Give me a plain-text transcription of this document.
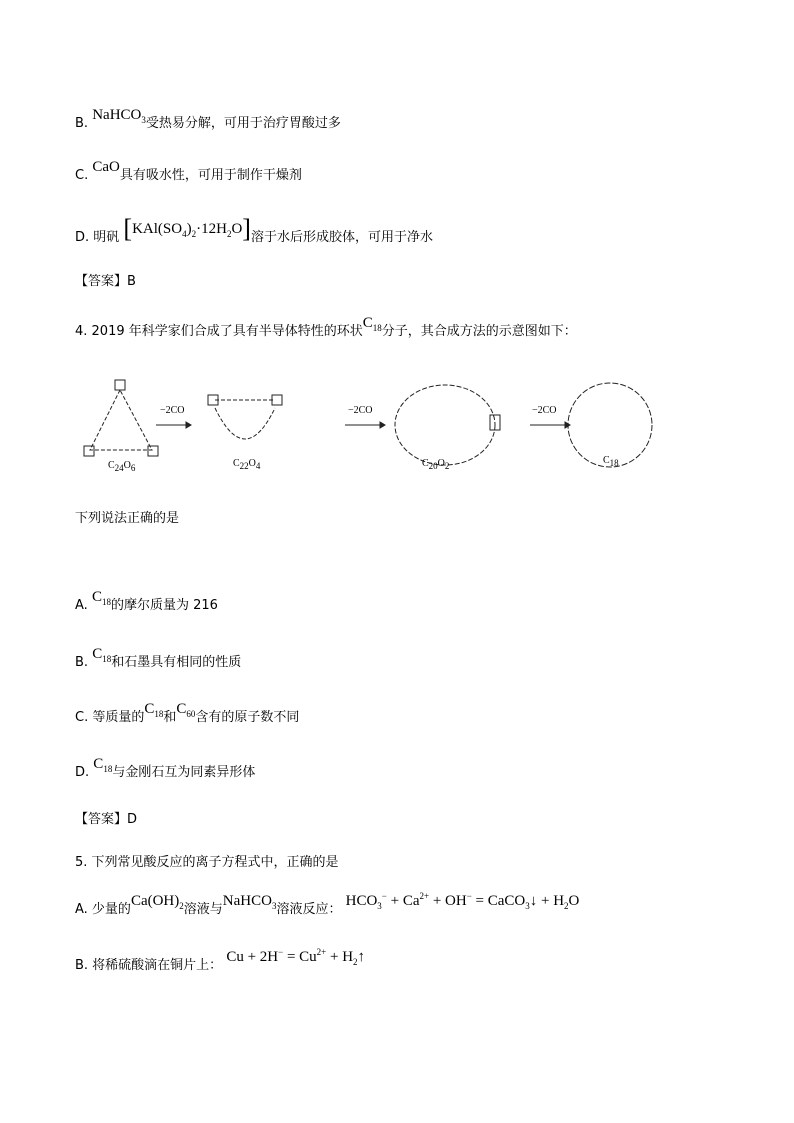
B. NaHCO$_3$受热易分解，可用于治疗胃酸过多
C. CaO具有吸水性，可用于制作干燥剂
D. 明矾 $[KAl(SO_4)_2\cdot 12H_2O]$溶于水后形成胶体，可用于净水
【答案】B
4. 2019 年科学家们合成了具有半导体特性的环状$C_{18}$分子，其合成方法的示意图如下：
−2CO	−2CO	−2CO
$C_{24}O_6$	$C_{22}O_4$	$C_{20}O_2$	$C_{18}$
下列说法正确的是
A. $C_{18}$的摩尔质量为 216
B. $C_{18}$和石墨具有相同的性质
C. 等质量的$C_{18}$和$C_{60}$含有的原子数不同
D. $C_{18}$与金刚石互为同素异形体
【答案】D
5. 下列常见酸反应的离子方程式中，正确的是
A. 少量的$Ca(OH)_2$溶液与NaHCO$_3$溶液反应： $HCO_3^- + Ca^{2+} + OH^-$ = CaCO$_3$↓ + $H_2O$
B. 将稀硫酸滴在铜片上： $Cu + 2H^- = Cu^{2+}$ + $H_2↑$
